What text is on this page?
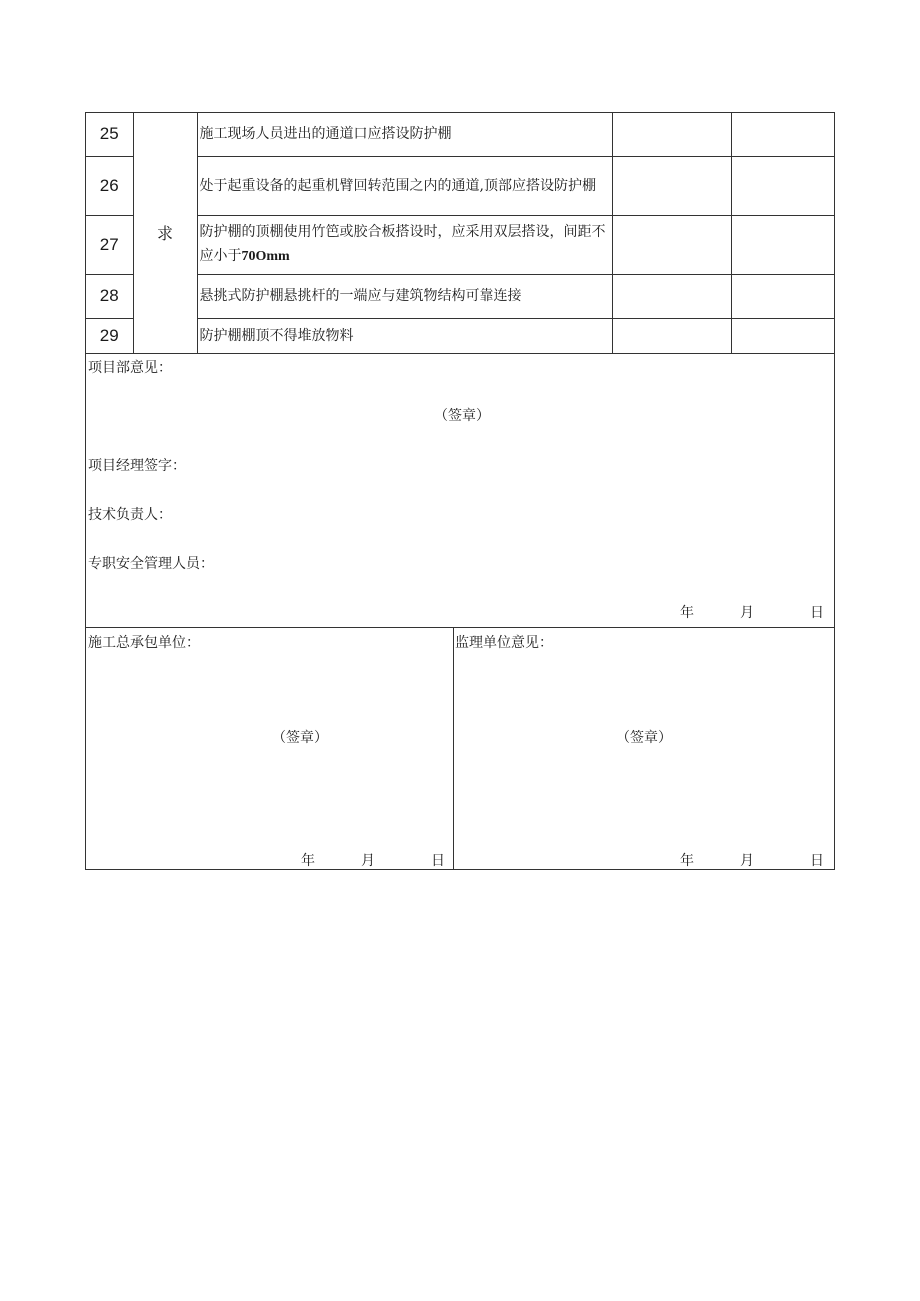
25	求	施工现场人员进出的通道口应搭设防护棚		
26		处于起重设备的起重机臂回转范围之内的通道,顶部应搭设防护棚		
27		防护棚的顶棚使用竹笆或胶合板搭设时，应采用双层搭设，间距不应小于70Omm		
28		悬挑式防护棚悬挑杆的一端应与建筑物结构可靠连接		
29		防护棚棚顶不得堆放物料		
项目部意见：
（签章）
项目经理签字：
技术负责人：
专职安全管理人员：
年	月	日
施工总承包单位：
（签章）
年	月	日
监理单位意见：
（签章）
年	月	日
